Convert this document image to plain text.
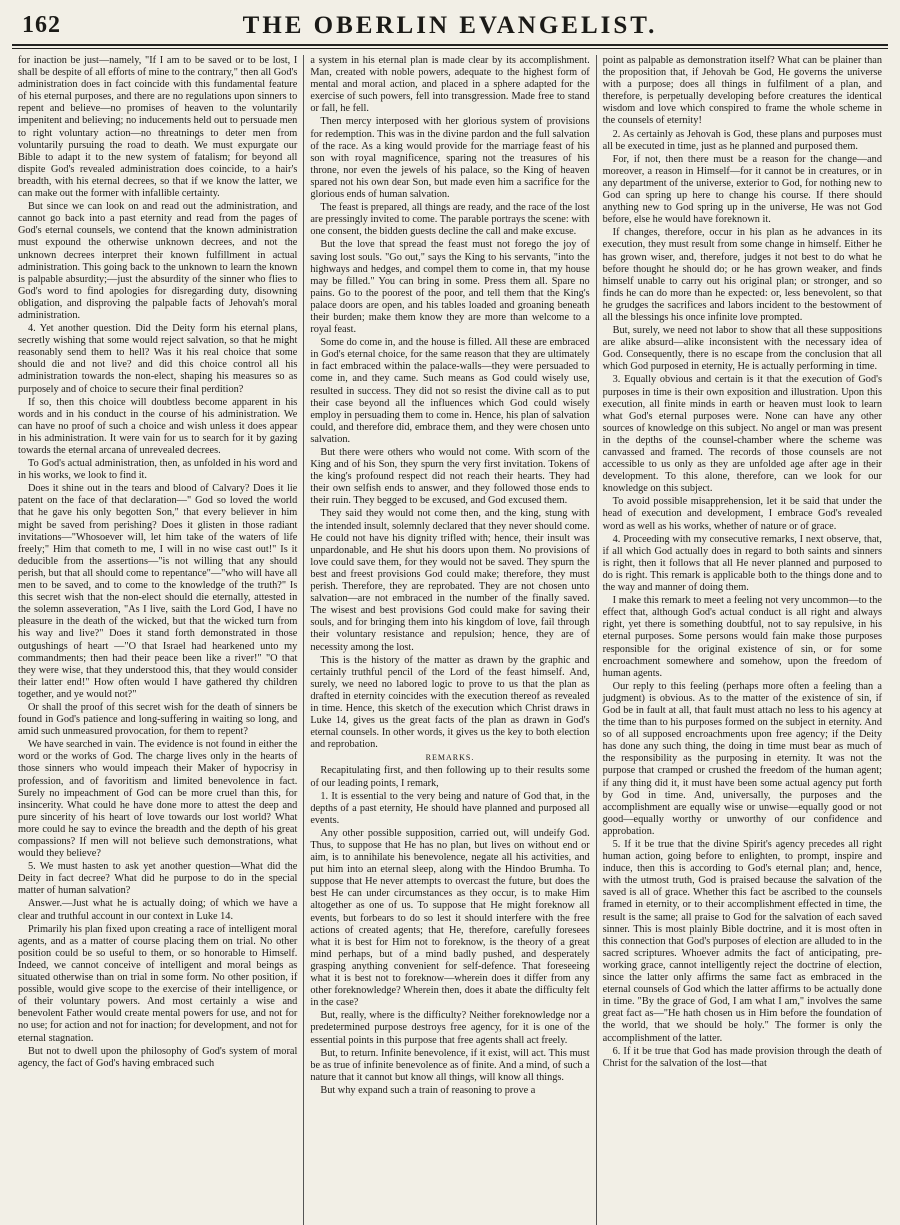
162	THE OBERLIN EVANGELIST.

for inaction be just—namely, "If I am to be saved or to be lost, I shall be despite of all efforts of mine to the contrary," then all God's administration does in fact coincide with this fundamental feature of his eternal purposes, and there are no regulations upon sinners to repent and believe—no promises of heaven to the voluntarily impenitent and believing; no inducements held out to persuade men to right voluntary action—no threatnings to deter men from voluntarily pursuing the road to death. We must expurgate our Bible to adapt it to the new system of fatalism; for beyond all dispite God's revealed administration does coincide, to a hair's breadth, with his eternal decrees, so that if we know the latter, we can make out the former with infallible certainty.

But since we can look on and read out the administration, and cannot go back into a past eternity and read from the pages of God's eternal counsels, we contend that the known administration must expound the otherwise unknown decrees, and not the unknown decrees interpret their known fulfillment in actual administration. This going back to the unknown to learn the known is palpable absurdity;—just the absurdity of the sinner who flies to God's word to find apologies for disregarding duty, disowning obligation, and disproving the palpable facts of Jehovah's moral administration.

4. Yet another question. Did the Deity form his eternal plans, secretly wishing that some would reject salvation, so that he might reasonably send them to hell? Was it his real choice that some should die and not live? and did this choice control all his administration towards the non-elect, shaping his measures so as purposely and of choice to secure their final perdition?

If so, then this choice will doubtless become apparent in his words and in his conduct in the course of his administration. We can have no proof of such a choice and wish unless it does appear in his administration. It were vain for us to search for it by gazing towards the eternal arcana of unrevealed decrees.

To God's actual administration, then, as unfolded in his word and in his works, we look to find it.

Does it shine out in the tears and blood of Calvary? Does it lie patent on the face of that declaration—" God so loved the world that he gave his only begotten Son," that every believer in him might be saved from perishing? Does it glisten in those radiant invitations—"Whosoever will, let him take of the waters of life freely;" Him that cometh to me, I will in no wise cast out!" Is it deducible from the assertions—"is not willing that any should perish, but that all should come to repentance"—"who will have all men to be saved, and to come to the knowledge of the truth?" Is this secret wish that the non-elect should die eternally, attested in the solemn asseveration, "As I live, saith the Lord God, I have no pleasure in the death of the wicked, but that the wicked turn from his way and live?" Does it stand forth demonstrated in those outgushings of heart —"O that Israel had hearkened unto my commandments; then had their peace been like a river!" "O that they were wise, that they understood this, that they would consider their latter end!" How often would I have gathered thy children together, and ye would not?"

Or shall the proof of this secret wish for the death of sinners be found in God's patience and long-suffering in waiting so long, and amid such unmeasured provocation, for them to repent?

We have searched in vain. The evidence is not found in either the word or the works of God. The charge lives only in the hearts of those sinners who would impeach their Maker of hypocrisy in profession, and of favoritism and limited benevolence in fact. Surely no impeachment of God can be more cruel than this, for insincerity. What could he have done more to attest the deep and pure sincerity of his heart of love towards our lost world? What more could he say to evince the breadth and the depth of his great compassions? If men will not believe such demonstrations, what would they believe?

5. We must hasten to ask yet another question—What did the Deity in fact decree? What did he purpose to do in the special matter of human salvation?

Answer.—Just what he is actually doing; of which we have a clear and truthful account in our context in Luke 14.

Primarily his plan fixed upon creating a race of intelligent moral agents, and as a matter of course placing them on trial. No other position could be so useful to them, or so honorable to Himself. Indeed, we cannot conceive of intelligent and moral beings as situated otherwise than on trial in some form. No other position, if possible, would give scope to the exercise of their intelligence, or of their voluntary powers. And most certainly a wise and benevolent Father would create mental powers for use, and not for no use; for action and not for inaction; for development, and not for eternal stagnation.

But not to dwell upon the philosophy of God's system of moral agency, the fact of God's having embraced such

a system in his eternal plan is made clear by its accomplishment. Man, created with noble powers, adequate to the highest form of mental and moral action, and placed in a sphere adapted for the exercise of such powers, fell into transgression. Made free to stand or fall, he fell.

Then mercy interposed with her glorious system of provisions for redemption. This was in the divine pardon and the full salvation of the race. As a king would provide for the marriage feast of his son with royal magnificence, sparing not the treasures of his throne, nor even the jewels of his palace, so the King of heaven spared not his own dear Son, but made even him a sacrifice for the glorious ends of human salvation.

The feast is prepared, all things are ready, and the race of the lost are pressingly invited to come. The parable portrays the scene: with one consent, the bidden guests decline the call and make excuse.

But the love that spread the feast must not forego the joy of saving lost souls. "Go out," says the King to his servants, "into the highways and hedges, and compel them to come in, that my house may be filled." You can bring in some. Press them all. Spare no pains. Go to the poorest of the poor, and tell them that the King's palace doors are open, and his tables loaded and groaning beneath their burden; make them know they are more than welcome to a royal feast.

Some do come in, and the house is filled. All these are embraced in God's eternal choice, for the same reason that they are ultimately in fact embraced within the palace-walls—they were persuaded to come in, and they came. Such means as God could wisely use, resulted in success. They did not so resist the divine call as to put their case beyond all the influences which God could wisely employ in persuading them to come in. Hence, his plan of salvation could, and therefore did, embrace them, and they were chosen unto salvation.

But there were others who would not come. With scorn of the King and of his Son, they spurn the very first invitation. Tokens of the king's profound respect did not reach their hearts. They had their own selfish ends to answer, and they followed those ends to their ruin. They begged to be excused, and God excused them.

They said they would not come then, and the king, stung with the intended insult, solemnly declared that they never should come. He could not have his dignity trifled with; hence, their insult was unpardonable, and He shut his doors upon them. No provisions of love could save them, for they would not be saved. They spurn the best and freest provisions God could make; therefore, they must perish. Therefore, they are reprobated. They are not chosen unto salvation—are not embraced in the number of the finally saved. The wisest and best provisions God could make for saving their souls, and for bringing them into his kingdom of love, fail through their voluntary resistance and repulsion; hence, they are of necessity among the lost.

This is the history of the matter as drawn by the graphic and certainly truthful pencil of the Lord of the feast himself. And, surely, we need no labored logic to prove to us that the plan as drafted in eternity coincides with the execution thereof as revealed in time. Hence, this sketch of the execution which Christ draws in Luke 14, gives us the great facts of the plan as drawn in God's eternal counsels. In other words, it gives us the key to both election and reprobation.

REMARKS.

Recapitulating first, and then following up to their results some of our leading points, I remark,

1. It is essential to the very being and nature of God that, in the depths of a past eternity, He should have planned and purposed all events.

Any other possible supposition, carried out, will undeify God. Thus, to suppose that He has no plan, but lives on without end or aim, is to annihilate his benevolence, negate all his activities, and put him into an eternal sleep, along with the Hindoo Brumha. To suppose that He never attempts to overcast the future, but does the best He can under circumstances as they occur, is to make Him altogether as one of us. To suppose that He might foreknow all events, but forbears to do so lest it should interfere with the free actions of created agents; that He, therefore, carefully foresees what it is best for Him not to foreknow, is the theory of a great mind perhaps, but of a mind badly pushed, and desperately grasping anything convenient for self-defence. That foreseeing what it is best not to foreknow—wherein does it differ from any other foreknowledge? Wherein then, does it abate the difficulty felt in the case?

But, really, where is the difficulty? Neither foreknowledge nor a predetermined purpose destroys free agency, for it is one of the essential points in this purpose that free agents shall act freely.

But, to return. Infinite benevolence, if it exist, will act. This must be as true of infinite benevolence as of finite. And a mind, of such a nature that it cannot but know all things, will know all things.

But why expand such a train of reasoning to prove a

point as palpable as demonstration itself? What can be plainer than the proposition that, if Jehovah be God, He governs the universe with a purpose; does all things in fulfilment of a plan, and therefore, is perpetually developing before creatures the identical wisdom and love which conspired to frame the whole scheme in the counsels of eternity!

2. As certainly as Jehovah is God, these plans and purposes must all be executed in time, just as he planned and purposed them.

For, if not, then there must be a reason for the change—and moreover, a reason in Himself—for it cannot be in creatures, or in any department of the universe, exterior to God, for nothing new to God can spring up here to change his course. If there should anything new to God spring up in the universe, He was not God before, else he would have foreknown it.

If changes, therefore, occur in his plan as he advances in its execution, they must result from some change in himself. Either he has grown wiser, and, therefore, judges it not best to do what he before thought he should do; or he has grown weaker, and finds himself unable to carry out his original plan; or stronger, and so finds he can do more than he expected: or, less benevolent, so that he grudges the sacrifices and labors incident to the bestowment of all the blessings his once infinite love prompted.

But, surely, we need not labor to show that all these suppositions are alike absurd—alike inconsistent with the necessary idea of God. Consequently, there is no escape from the conclusion that all which God purposed in eternity, He is actually performing in time.

3. Equally obvious and certain is it that the execution of God's purposes in time is their own exposition and illustration. Upon this execution, all finite minds in earth or heaven must look to learn what God's eternal purposes were. None can have any other sources of knowledge on this subject. No angel or man was present in the depths of the counsel-chamber where the scheme was canvassed and framed. The records of those counsels are not accessible to us only as they are unfolded age after age in their development. To this alone, therefore, can we look for our knowledge on this subject.

To avoid possible misapprehension, let it be said that under the head of execution and development, I embrace God's revealed word as well as his works, whether of nature or of grace.

4. Proceeding with my consecutive remarks, I next observe, that, if all which God actually does in regard to both saints and sinners is right, then it follows that all He never planned and purposed to do is right. This remark is applicable both to the things done and to the way and manner of doing them.

I make this remark to meet a feeling not very uncommon—to the effect that, although God's actual conduct is all right and always right, yet there is something doubtful, not to say repulsive, in his eternal purposes. Some persons would fain make those purposes responsible for the original existence of sin, or for some encroachment somewhere and somehow, upon the freedom of human agents.

Our reply to this feeling (perhaps more often a feeling than a judgment) is obvious. As to the matter of the existence of sin, if God be in fault at all, that fault must attach no less to his agency at the time than to his purposes formed on the subject in eternity. And so of all supposed encroachments upon free agency; if the Deity has done any such thing, the doing in time must bear as much of the responsibility as the purposing in eternity. It was not the purpose that cramped or crushed the freedom of the human agent; if any thing did it, it must have been some actual agency put forth by God in time. And, universally, the purposes and the accomplishment are equally wise or unwise—equally good or not good—equally worthy or unworthy of our confidence and approbation.

5. If it be true that the divine Spirit's agency precedes all right human action, going before to enlighten, to prompt, inspire and induce, then this is according to God's eternal plan; and, hence, with the utmost truth, God is praised because the salvation of the saved is all of grace. Whether this fact be ascribed to the counsels framed in eternity, or to their accomplishment effected in time, the result is the same; all praise to God for the salvation of each saved sinner. This is most plainly Bible doctrine, and it is most often in this connection that God's purposes of election are alluded to in the sacred scriptures. Whoever admits the fact of anticipating, pre-working grace, cannot intelligently reject the doctrine of election, since the latter only affirms the same fact as embraced in the eternal counsels of God which the latter affirms to be actually done in time. "By the grace of God, I am what I am," involves the same great fact as—"He hath chosen us in Him before the foundation of the world, that we should be holy." The former is only the accomplishment of the latter.

6. If it be true that God has made provision through the death of Christ for the salvation of the lost—that
